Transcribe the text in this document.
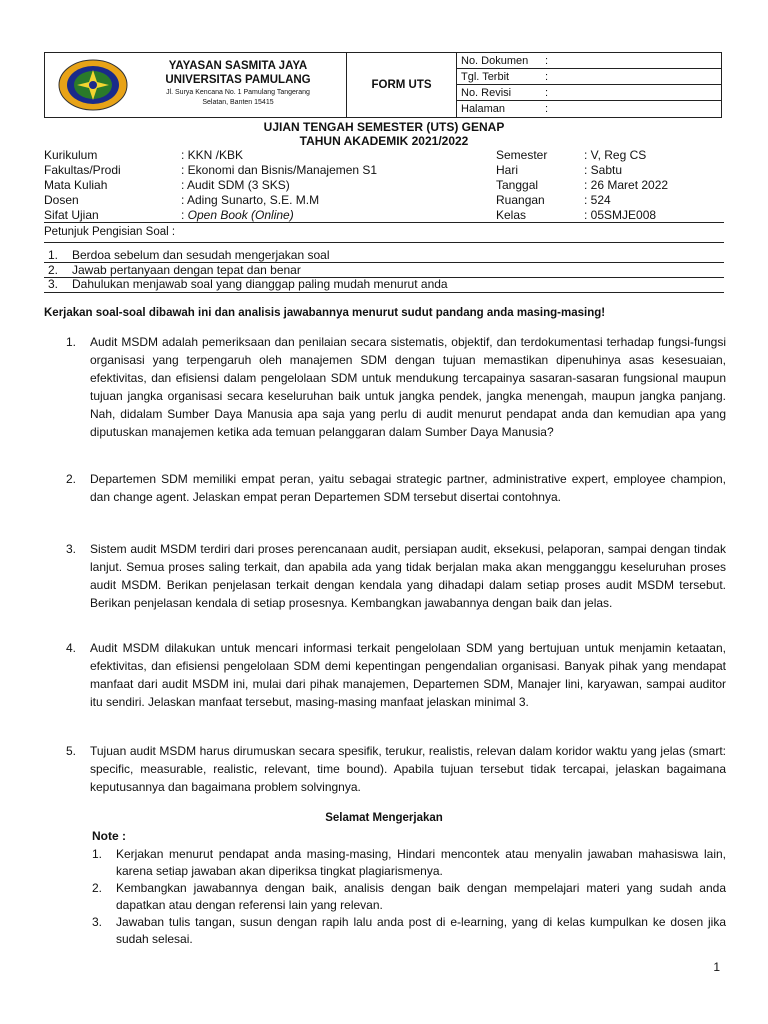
YAYASAN SASMITA JAYA
UNIVERSITAS PAMULANG
Jl. Surya Kencana No. 1 Pamulang Tangerang
Selatan, Banten 15415
FORM UTS
No. Dokumen	:
Tgl. Terbit	:
No. Revisi	:
Halaman	:
UJIAN TENGAH SEMESTER (UTS) GENAP
TAHUN AKADEMIK 2021/2022
Kurikulum	: KKN /KBK	Semester	: V, Reg CS
Fakultas/Prodi	: Ekonomi dan Bisnis/Manajemen S1	Hari	: Sabtu
Mata Kuliah	: Audit SDM (3 SKS)	Tanggal	: 26 Maret 2022
Dosen	: Ading Sunarto, S.E. M.M	Ruangan	: 524
Sifat Ujian	: Open Book (Online)	Kelas	: 05SMJE008
Petunjuk Pengisian Soal :
1. Berdoa sebelum dan sesudah mengerjakan soal
2. Jawab pertanyaan dengan tepat dan benar
3. Dahulukan menjawab soal yang dianggap paling mudah menurut anda
Kerjakan soal-soal dibawah ini dan analisis jawabannya menurut sudut pandang anda masing-masing!
1. Audit MSDM adalah pemeriksaan dan penilaian secara sistematis, objektif, dan terdokumentasi terhadap fungsi-fungsi organisasi yang terpengaruh oleh manajemen SDM dengan tujuan memastikan dipenuhinya asas kesesuaian, efektivitas, dan efisiensi dalam pengelolaan SDM untuk mendukung tercapainya sasaran-sasaran fungsional maupun tujuan jangka organisasi secara keseluruhan baik untuk jangka pendek, jangka menengah, maupun jangka panjang. Nah, didalam Sumber Daya Manusia apa saja yang perlu di audit menurut pendapat anda dan kemudian apa yang diputuskan manajemen ketika ada temuan pelanggaran dalam Sumber Daya Manusia?
2. Departemen SDM memiliki empat peran, yaitu sebagai strategic partner, administrative expert, employee champion, dan change agent. Jelaskan empat peran Departemen SDM tersebut disertai contohnya.
3. Sistem audit MSDM terdiri dari proses perencanaan audit, persiapan audit, eksekusi, pelaporan, sampai dengan tindak lanjut. Semua proses saling terkait, dan apabila ada yang tidak berjalan maka akan mengganggu keseluruhan proses audit MSDM. Berikan penjelasan terkait dengan kendala yang dihadapi dalam setiap proses audit MSDM tersebut. Berikan penjelasan kendala di setiap prosesnya. Kembangkan jawabannya dengan baik dan jelas.
4. Audit MSDM dilakukan untuk mencari informasi terkait pengelolaan SDM yang bertujuan untuk menjamin ketaatan, efektivitas, dan efisiensi pengelolaan SDM demi kepentingan pengendalian organisasi. Banyak pihak yang mendapat manfaat dari audit MSDM ini, mulai dari pihak manajemen, Departemen SDM, Manajer lini, karyawan, sampai auditor itu sendiri. Jelaskan manfaat tersebut, masing-masing manfaat jelaskan minimal 3.
5. Tujuan audit MSDM harus dirumuskan secara spesifik, terukur, realistis, relevan dalam koridor waktu yang jelas (smart: specific, measurable, realistic, relevant, time bound). Apabila tujuan tersebut tidak tercapai, jelaskan bagaimana keputusannya dan bagaimana problem solvingnya.
Selamat Mengerjakan
Note :
1. Kerjakan menurut pendapat anda masing-masing, Hindari mencontek atau menyalin jawaban mahasiswa lain, karena setiap jawaban akan diperiksa tingkat plagiarismenya.
2. Kembangkan jawabannya dengan baik, analisis dengan baik dengan mempelajari materi yang sudah anda dapatkan atau dengan referensi lain yang relevan.
3. Jawaban tulis tangan, susun dengan rapih lalu anda post di e-learning, yang di kelas kumpulkan ke dosen jika sudah selesai.
1
